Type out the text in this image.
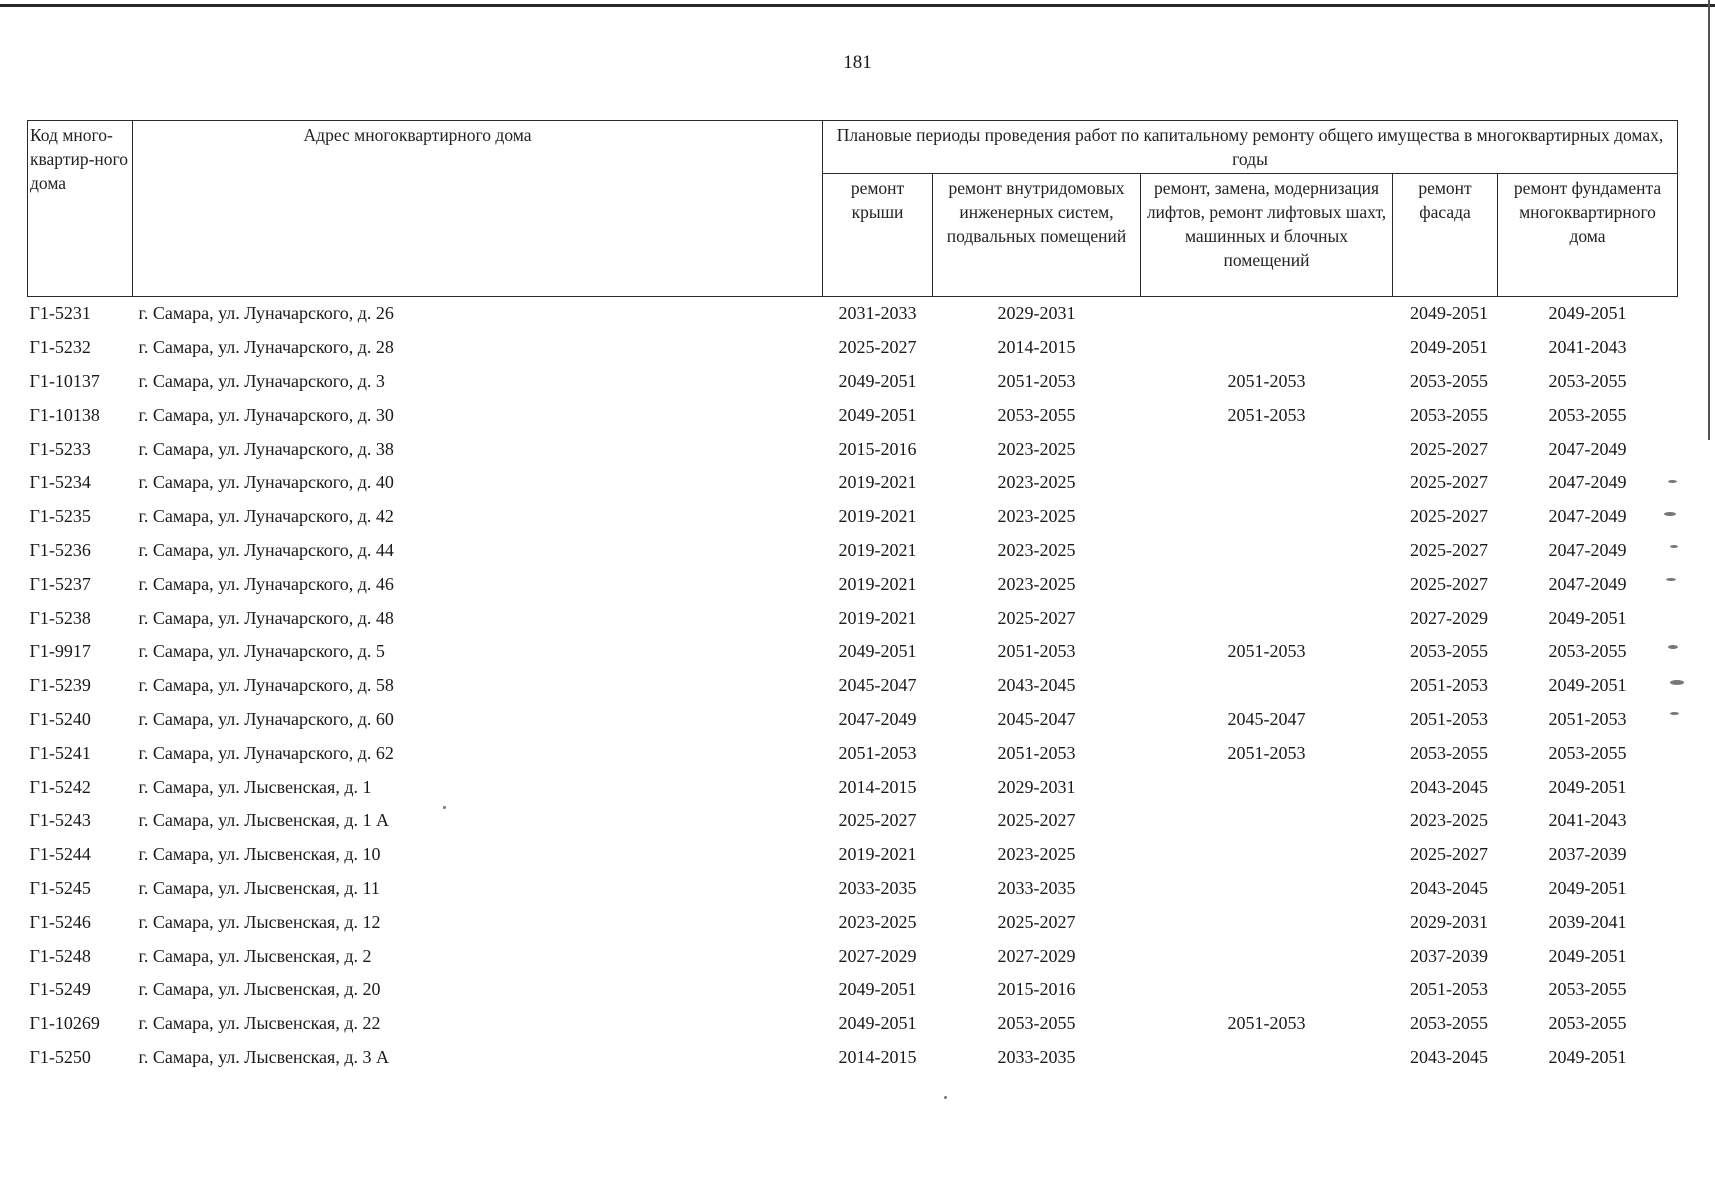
181
Код много-квартир-ного дома	Адрес многоквартирного дома	Плановые периоды проведения работ по капитальному ремонту общего имущества в многоквартирных домах, годы				
		ремонт крыши	ремонт внутридомовых инженерных систем, подвальных помещений	ремонт, замена, модернизация лифтов, ремонт лифтовых шахт, машинных и блочных помещений	ремонт фасада	ремонт фундамента многоквартирного дома
Г1-5231	г. Самара, ул. Луначарского, д. 26	2031-2033	2029-2031		2049-2051	2049-2051
Г1-5232	г. Самара, ул. Луначарского, д. 28	2025-2027	2014-2015		2049-2051	2041-2043
Г1-10137	г. Самара, ул. Луначарского, д. 3	2049-2051	2051-2053	2051-2053	2053-2055	2053-2055
Г1-10138	г. Самара, ул. Луначарского, д. 30	2049-2051	2053-2055	2051-2053	2053-2055	2053-2055
Г1-5233	г. Самара, ул. Луначарского, д. 38	2015-2016	2023-2025		2025-2027	2047-2049
Г1-5234	г. Самара, ул. Луначарского, д. 40	2019-2021	2023-2025		2025-2027	2047-2049
Г1-5235	г. Самара, ул. Луначарского, д. 42	2019-2021	2023-2025		2025-2027	2047-2049
Г1-5236	г. Самара, ул. Луначарского, д. 44	2019-2021	2023-2025		2025-2027	2047-2049
Г1-5237	г. Самара, ул. Луначарского, д. 46	2019-2021	2023-2025		2025-2027	2047-2049
Г1-5238	г. Самара, ул. Луначарского, д. 48	2019-2021	2025-2027		2027-2029	2049-2051
Г1-9917	г. Самара, ул. Луначарского, д. 5	2049-2051	2051-2053	2051-2053	2053-2055	2053-2055
Г1-5239	г. Самара, ул. Луначарского, д. 58	2045-2047	2043-2045		2051-2053	2049-2051
Г1-5240	г. Самара, ул. Луначарского, д. 60	2047-2049	2045-2047	2045-2047	2051-2053	2051-2053
Г1-5241	г. Самара, ул. Луначарского, д. 62	2051-2053	2051-2053	2051-2053	2053-2055	2053-2055
Г1-5242	г. Самара, ул. Лысвенская, д. 1	2014-2015	2029-2031		2043-2045	2049-2051
Г1-5243	г. Самара, ул. Лысвенская, д. 1 А	2025-2027	2025-2027		2023-2025	2041-2043
Г1-5244	г. Самара, ул. Лысвенская, д. 10	2019-2021	2023-2025		2025-2027	2037-2039
Г1-5245	г. Самара, ул. Лысвенская, д. 11	2033-2035	2033-2035		2043-2045	2049-2051
Г1-5246	г. Самара, ул. Лысвенская, д. 12	2023-2025	2025-2027		2029-2031	2039-2041
Г1-5248	г. Самара, ул. Лысвенская, д. 2	2027-2029	2027-2029		2037-2039	2049-2051
Г1-5249	г. Самара, ул. Лысвенская, д. 20	2049-2051	2015-2016		2051-2053	2053-2055
Г1-10269	г. Самара, ул. Лысвенская, д. 22	2049-2051	2053-2055	2051-2053	2053-2055	2053-2055
Г1-5250	г. Самара, ул. Лысвенская, д. 3 А	2014-2015	2033-2035		2043-2045	2049-2051
